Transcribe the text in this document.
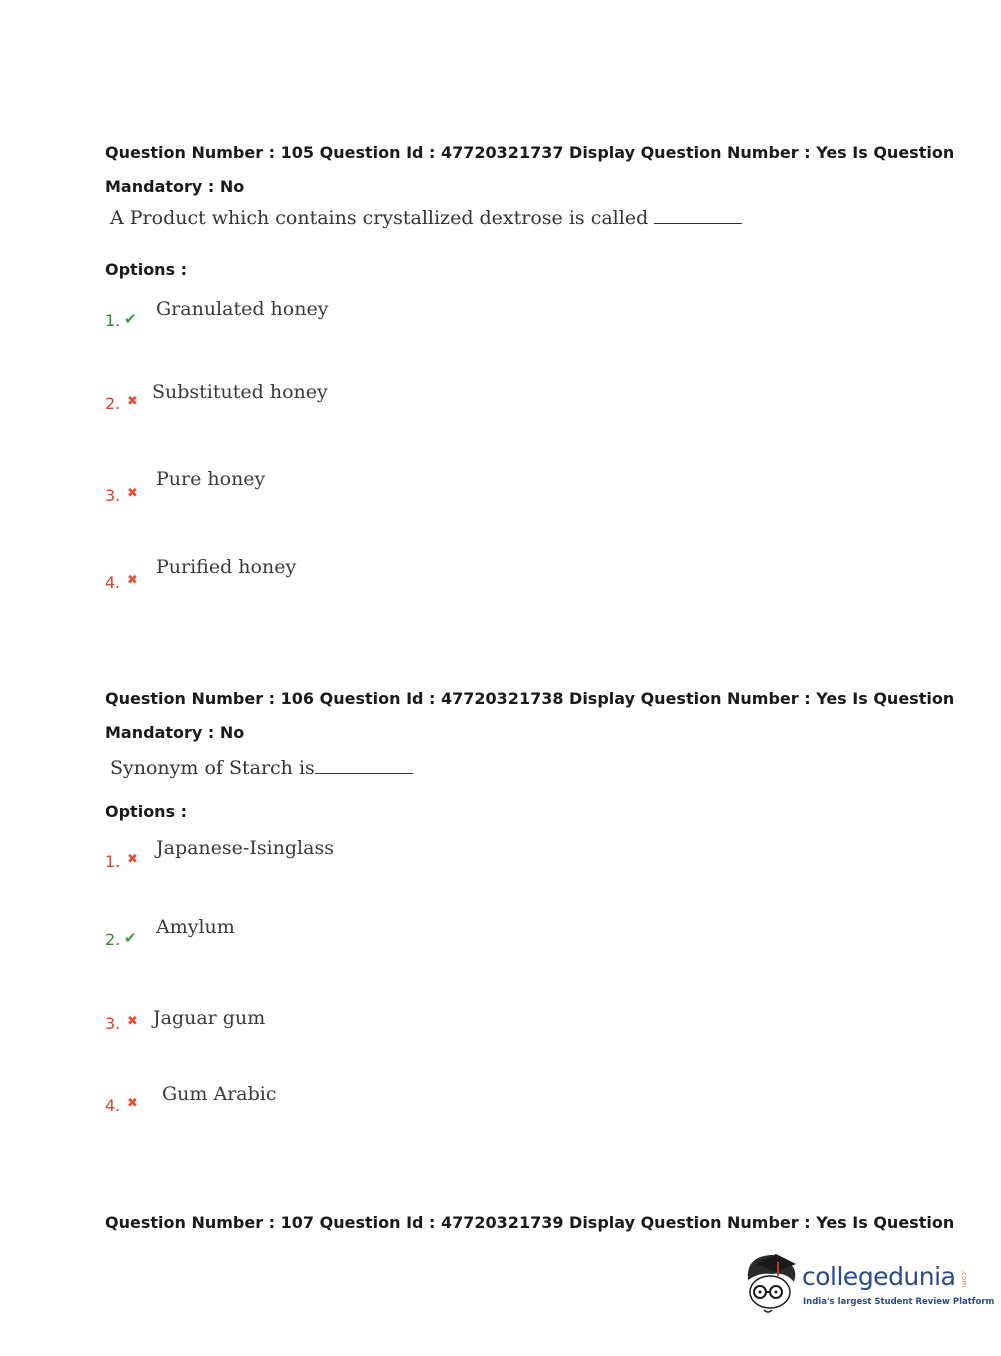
Question Number : 105 Question Id : 47720321737 Display Question Number : Yes Is Question
Mandatory : No
A Product which contains crystallized dextrose is called
Options :
1. ✔ Granulated honey
2. ✖ Substituted honey
3. ✖
Pure honey
4. ✖
Purified honey
Question Number : 106 Question Id : 47720321738 Display Question Number : Yes Is Question
Mandatory : No
Synonym of Starch is
Options :
1. ✖
Japanese-Isinglass
2. ✔ Amylum
3. ✖ Jaguar gum
4. ✖ Gum Arabic
Question Number : 107 Question Id : 47720321739 Display Question Number : Yes Is Question
collegedunia .com
India's largest Student Review Platform
